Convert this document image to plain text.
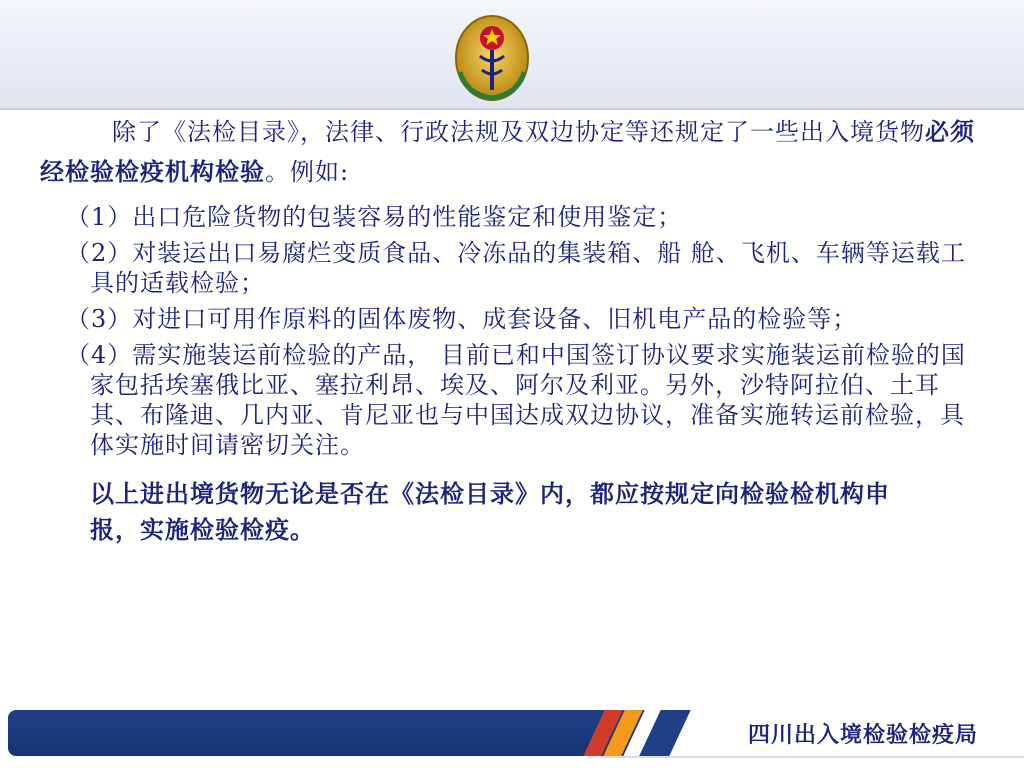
除了《法检目录》，法律、行政法规及双边协定等还规定了一些出入境货物必须经检验检疫机构检验。例如:

（1）出口危险货物的包装容易的性能鉴定和使用鉴定；

（2）对装运出口易腐烂变质食品、冷冻品的集装箱、船 舱、飞机、车辆等运载工具的适载检验；

（3）对进口可用作原料的固体废物、成套设备、旧机电产品的检验等；

（4）需实施装运前检验的产品， 目前已和中国签订协议要求实施装运前检验的国家包括埃塞俄比亚、塞拉利昂、埃及、阿尔及利亚。另外，沙特阿拉伯、土耳其、布隆迪、几内亚、肯尼亚也与中国达成双边协议，准备实施转运前检验，具体实施时间请密切关注。

以上进出境货物无论是否在《法检目录》内，都应按规定向检验检机构申报，实施检验检疫。

四川出入境检验检疫局
